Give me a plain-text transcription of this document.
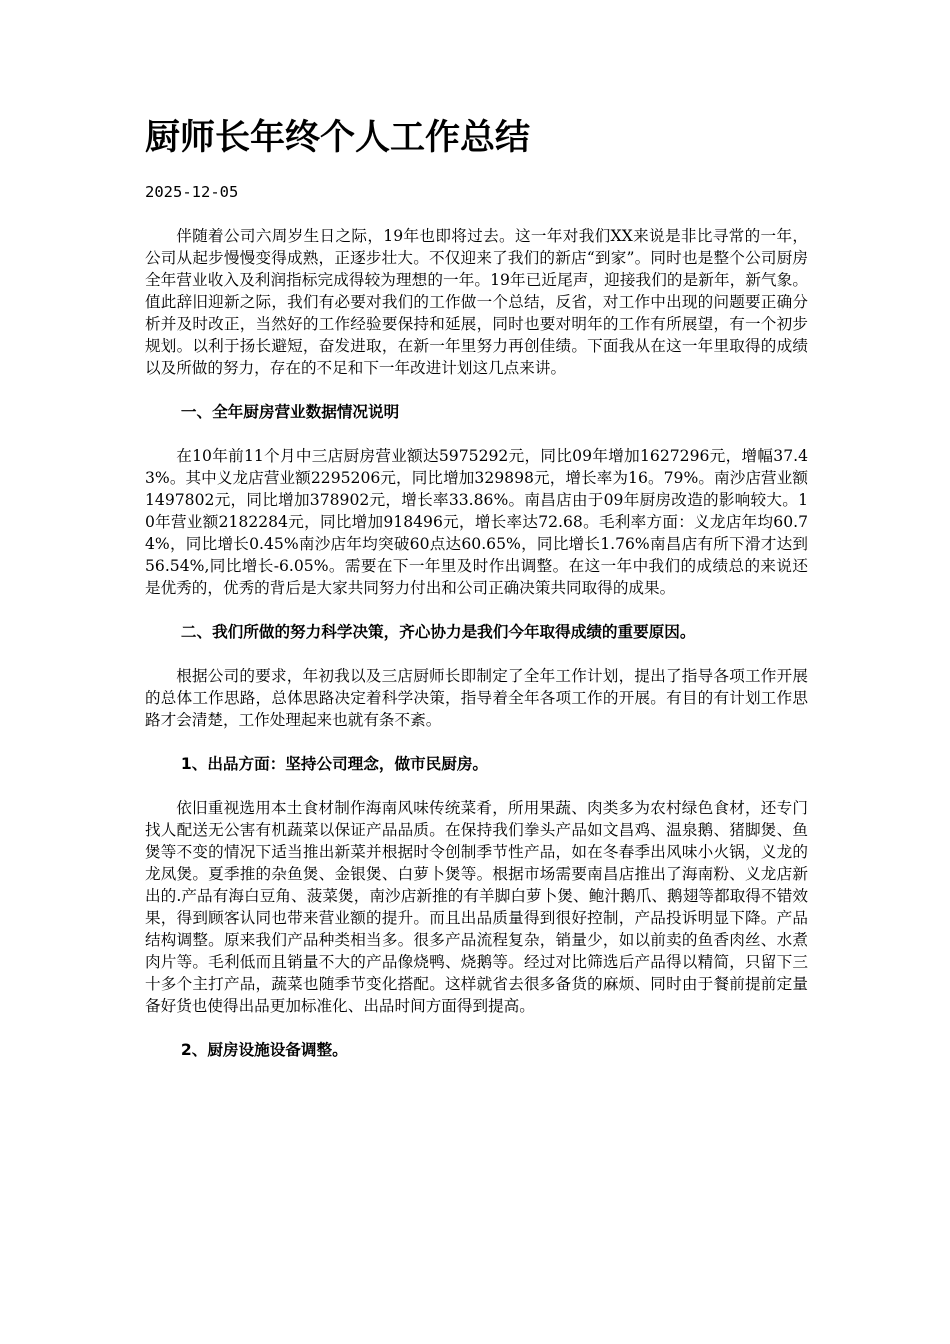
厨师长年终个人工作总结
2025-12-05

伴随着公司六周岁生日之际，19年也即将过去。这一年对我们XX来说是非比寻常的一年，公司从起步慢慢变得成熟，正逐步壮大。不仅迎来了我们的新店“到家”。同时也是整个公司厨房全年营业收入及利润指标完成得较为理想的一年。19年已近尾声，迎接我们的是新年，新气象。值此辞旧迎新之际，我们有必要对我们的工作做一个总结，反省，对工作中出现的问题要正确分析并及时改正，当然好的工作经验要保持和延展，同时也要对明年的工作有所展望，有一个初步规划。以利于扬长避短，奋发进取，在新一年里努力再创佳绩。下面我从在这一年里取得的成绩以及所做的努力，存在的不足和下一年改进计划这几点来讲。

一、全年厨房营业数据情况说明

在10年前11个月中三店厨房营业额达5975292元，同比09年增加1627296元，增幅37.43%。其中义龙店营业额2295206元，同比增加329898元，增长率为16。79%。南沙店营业额1497802元，同比增加378902元，增长率33.86%。南昌店由于09年厨房改造的影响较大。10年营业额2182284元，同比增加918496元，增长率达72.68。毛利率方面：义龙店年均60.74%，同比增长0.45%南沙店年均突破60点达60.65%，同比增长1.76%南昌店有所下滑才达到56.54%,同比增长-6.05%。需要在下一年里及时作出调整。在这一年中我们的成绩总的来说还是优秀的，优秀的背后是大家共同努力付出和公司正确决策共同取得的成果。

二、我们所做的努力科学决策，齐心协力是我们今年取得成绩的重要原因。

根据公司的要求，年初我以及三店厨师长即制定了全年工作计划，提出了指导各项工作开展的总体工作思路，总体思路决定着科学决策，指导着全年各项工作的开展。有目的有计划工作思路才会清楚，工作处理起来也就有条不紊。

1、出品方面：坚持公司理念，做市民厨房。

依旧重视选用本土食材制作海南风味传统菜肴，所用果蔬、肉类多为农村绿色食材，还专门找人配送无公害有机蔬菜以保证产品品质。在保持我们拳头产品如文昌鸡、温泉鹅、猪脚煲、鱼煲等不变的情况下适当推出新菜并根据时令创制季节性产品，如在冬春季出风味小火锅，义龙的龙凤煲。夏季推的杂鱼煲、金银煲、白萝卜煲等。根据市场需要南昌店推出了海南粉、义龙店新出的.产品有海白豆角、菠菜煲，南沙店新推的有羊脚白萝卜煲、鲍汁鹅爪、鹅翅等都取得不错效果，得到顾客认同也带来营业额的提升。而且出品质量得到很好控制，产品投诉明显下降。产品结构调整。原来我们产品种类相当多。很多产品流程复杂，销量少，如以前卖的鱼香肉丝、水煮肉片等。毛利低而且销量不大的产品像烧鸭、烧鹅等。经过对比筛选后产品得以精简，只留下三十多个主打产品，蔬菜也随季节变化搭配。这样就省去很多备货的麻烦、同时由于餐前提前定量备好货也使得出品更加标准化、出品时间方面得到提高。

2、厨房设施设备调整。
